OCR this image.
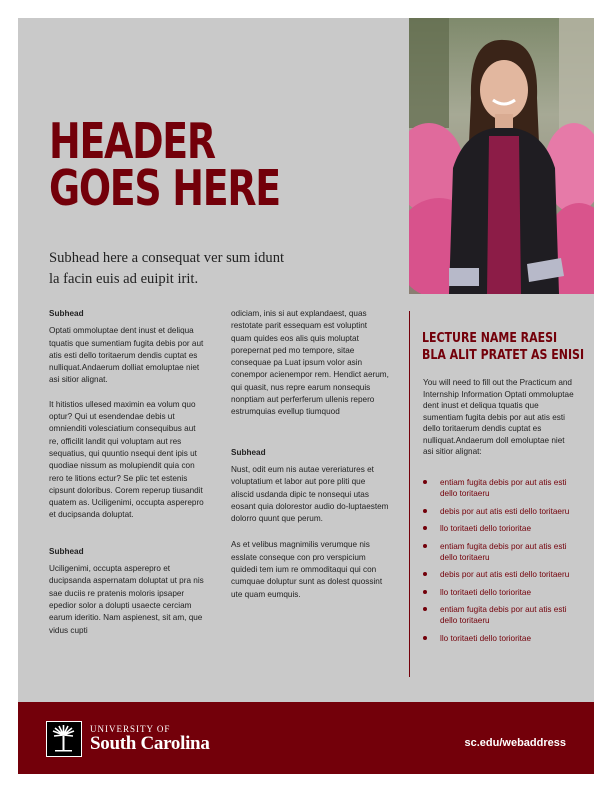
HEADER
GOES HERE
Subhead here a consequat ver sum idunt la facin euis ad euipit irit.

Subhead

Optati ommoluptae dent inust et deliqua tquatis que sumentiam fugita debis por aut atis esti dello toritaerum dendis cuptat es nulliquat.Andaerum dolliat emoluptae niet asi sitior alignat.

It hitistios ullesed maximin ea volum quo optur? Qui ut esendendae debis ut omnienditi volesciatium consequibus aut re, officilit landit qui voluptam aut res sequatius, qui quuntio nsequi dent ipis ut quodiae nissum as molupiendit quia con rero te litions ectur? Se plic tet estenis cipsunt doloribus. Corem reperup tiusandit quatem as. Uciligenimi, occupta asperepro et ducipsanda doluptat.

Subhead

Uciligenimi, occupta asperepro et ducipsanda aspernatam doluptat ut pra nis sae duciis re pratenis moloris ipsaper epedior solor a dolupti usaecte cerciam earum ideritio. Nam aspienest, sit am, que vidus cupti

odiciam, inis si aut explandaest, quas restotate parit essequam est voluptint quam quides eos alis quis moluptat porepernat ped mo tempore, sitae consequae pa Luat ipsum volor asin conempor acienempor rem. Hendict aerum, qui quasit, nus repre earum nonsequis nonptiam aut perferferum ullenis repero estrumquias evellup tiumquod

Subhead

Nust, odit eum nis autae vereriatures et voluptatium et labor aut pore pliti que aliscid usdanda dipic te nonsequi utas eosant quia dolorestor audio do-luptaestem dolorro quunt que perum.

As et velibus magnimilis verumque nis esslate conseque con pro verspicium quidedi tem ium re ommoditaqui qui con cumquae doluptur sunt as dolest quossint ute quam eumquis.

LECTURE NAME RAESI
BLA ALIT PRATET AS ENISI
You will need to fill out the Practicum and Internship Information Optati ommoluptae dent inust et deliqua tquatis que sumentiam fugita debis por aut atis esti dello toritaerum dendis cuptat es nulliquat.Andaerum doll emoluptae niet asi sitior alignat:
entiam fugita debis por aut atis esti dello toritaeru
debis por aut atis esti dello toritaeru
llo toritaeti dello torioritae
entiam fugita debis por aut atis esti dello toritaeru
debis por aut atis esti dello toritaeru
llo toritaeti dello torioritae
entiam fugita debis por aut atis esti dello toritaeru
llo toritaeti dello torioritae
UNIVERSITY OF
South Carolina	sc.edu/webaddress
